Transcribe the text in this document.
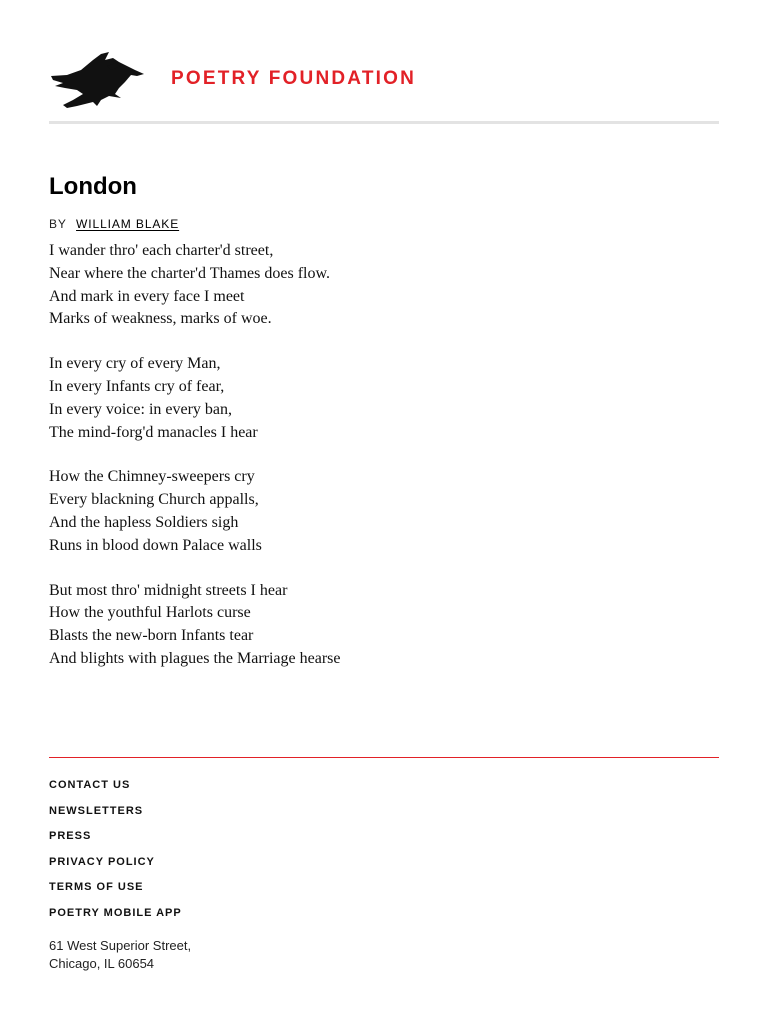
POETRY FOUNDATION
London
BY WILLIAM BLAKE
I wander thro' each charter'd street,
Near where the charter'd Thames does flow.
And mark in every face I meet
Marks of weakness, marks of woe.
In every cry of every Man,
In every Infants cry of fear,
In every voice: in every ban,
The mind-forg'd manacles I hear
How the Chimney-sweepers cry
Every blackning Church appalls,
And the hapless Soldiers sigh
Runs in blood down Palace walls
But most thro' midnight streets I hear
How the youthful Harlots curse
Blasts the new-born Infants tear
And blights with plagues the Marriage hearse
CONTACT US
NEWSLETTERS
PRESS
PRIVACY POLICY
TERMS OF USE
POETRY MOBILE APP
61 West Superior Street,
Chicago, IL 60654
